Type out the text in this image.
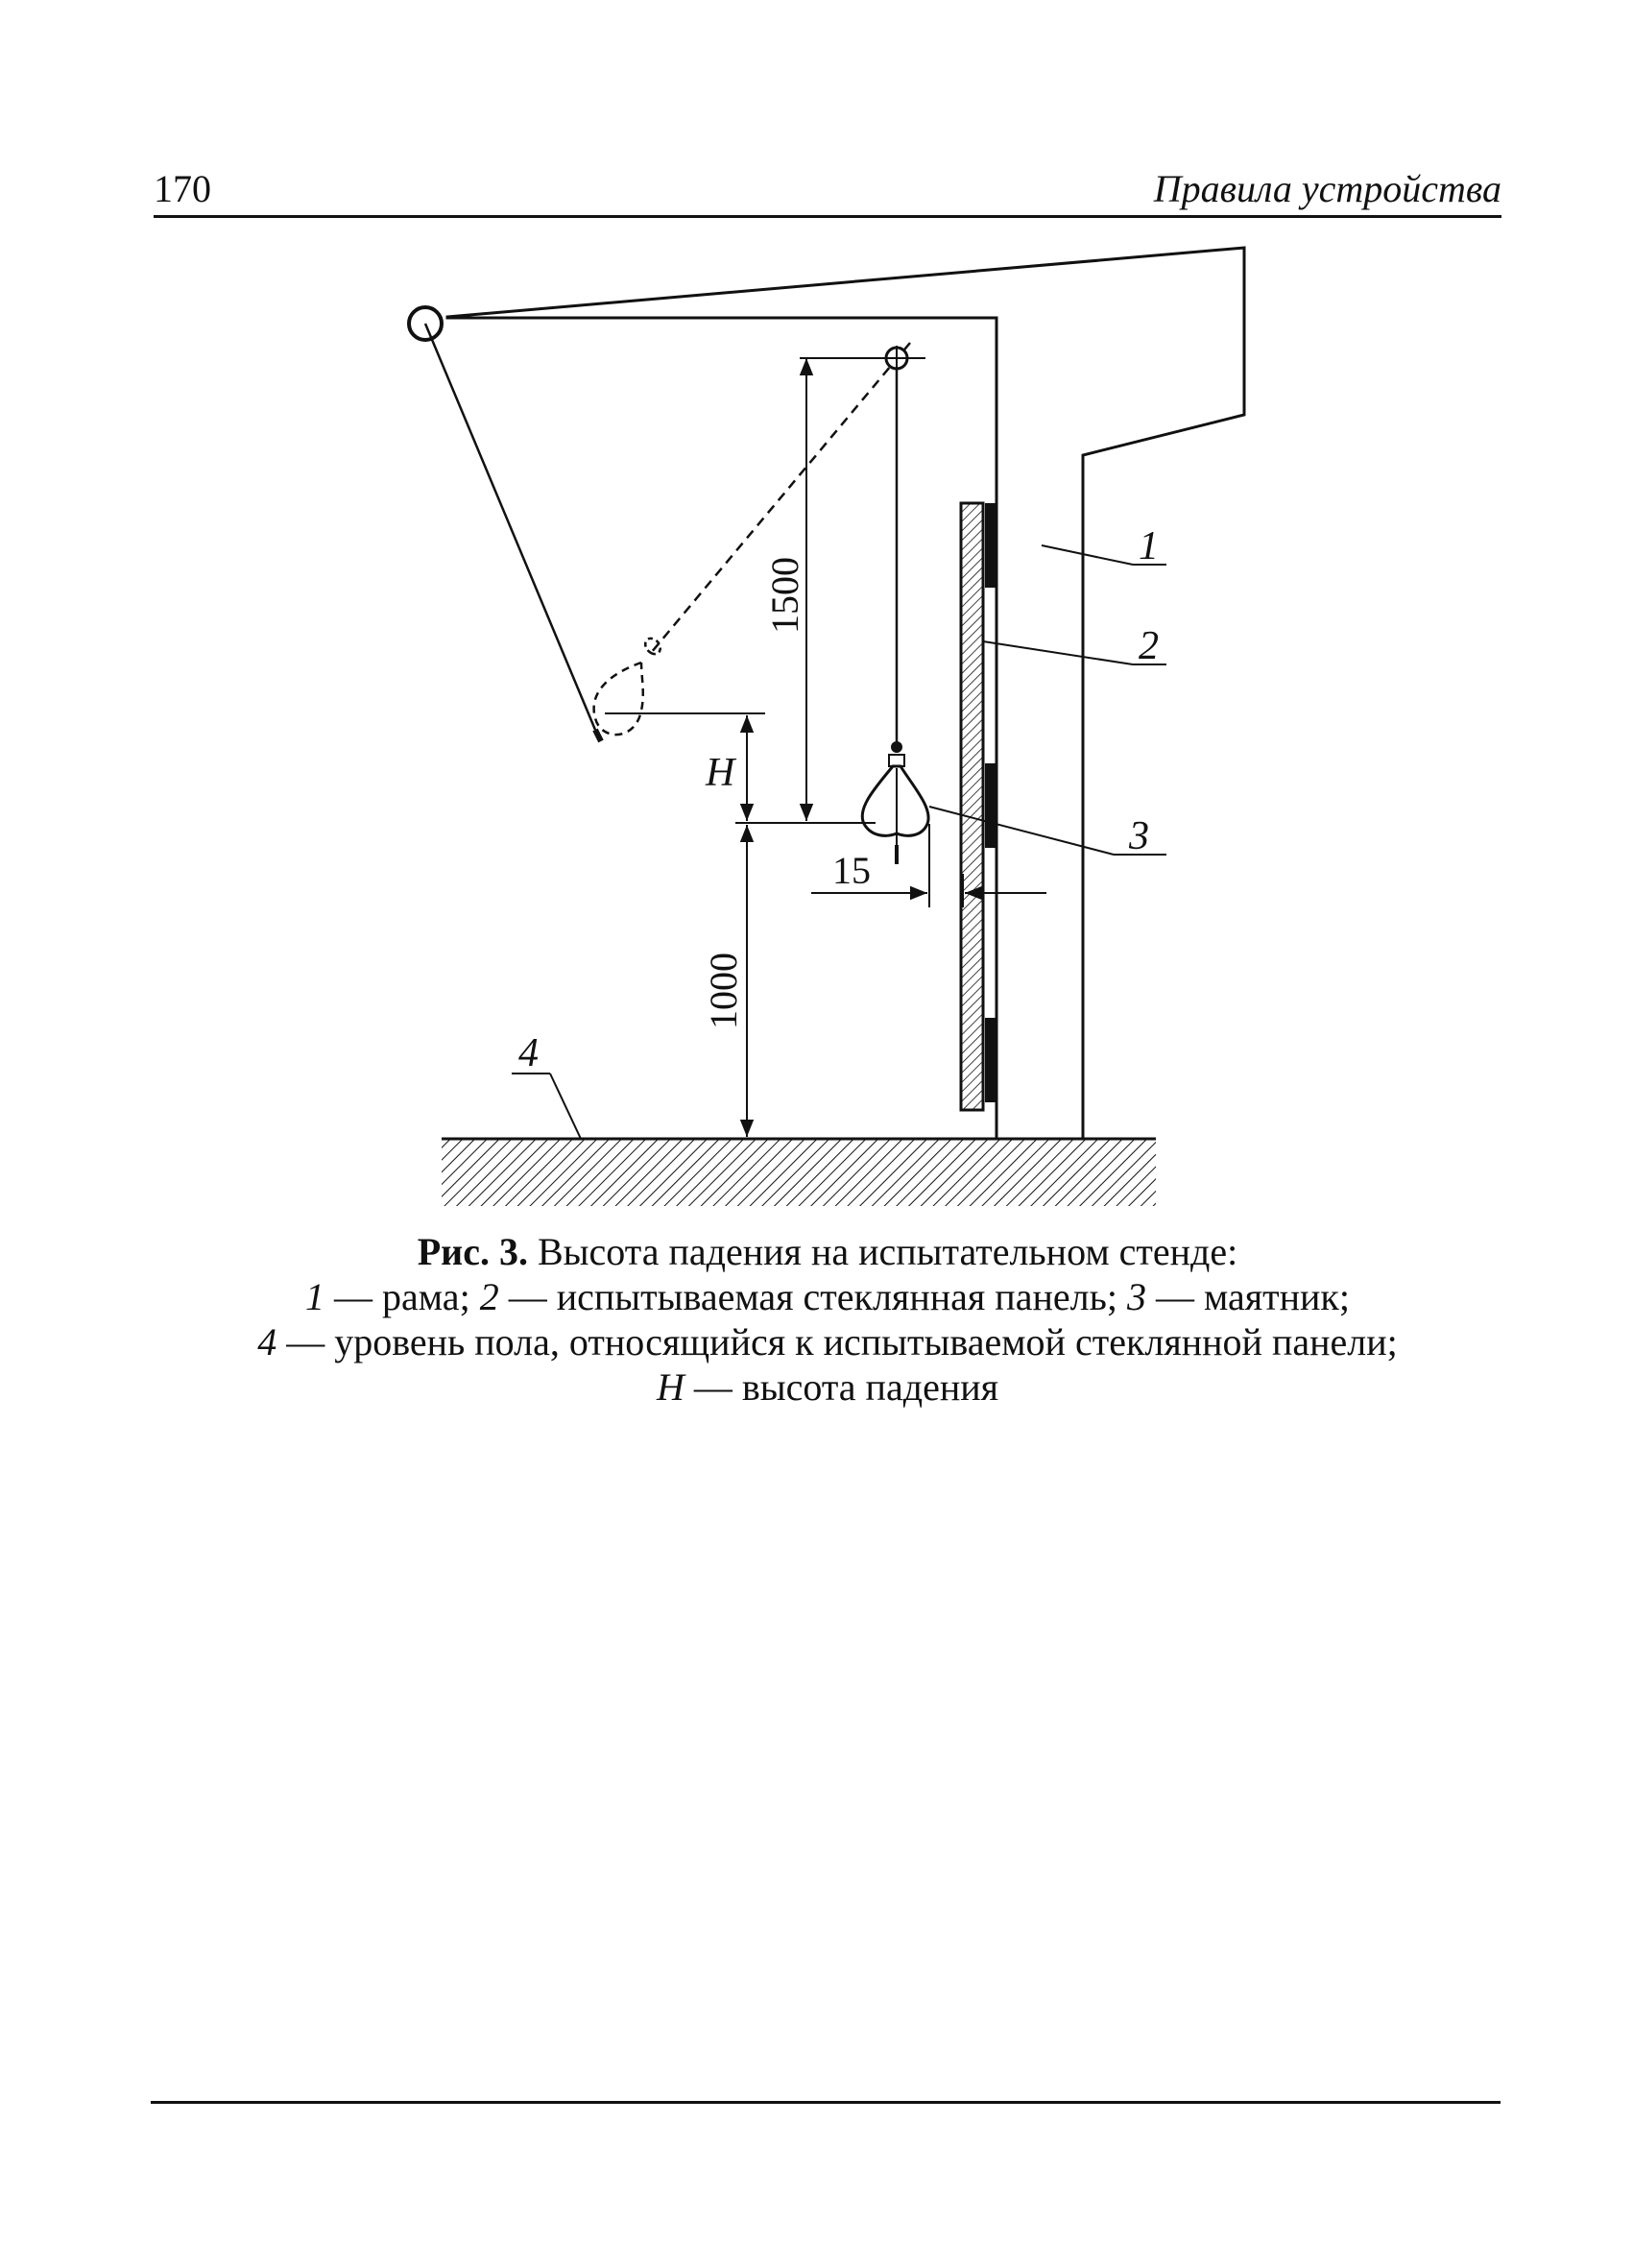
170	Правила устройства
1500
H
1000
15
1
2
3
4
Рис. 3. Высота падения на испытательном стенде:
1 — рама; 2 — испытываемая стеклянная панель; 3 — маятник;
4 — уровень пола, относящийся к испытываемой стеклянной панели;
H — высота падения
